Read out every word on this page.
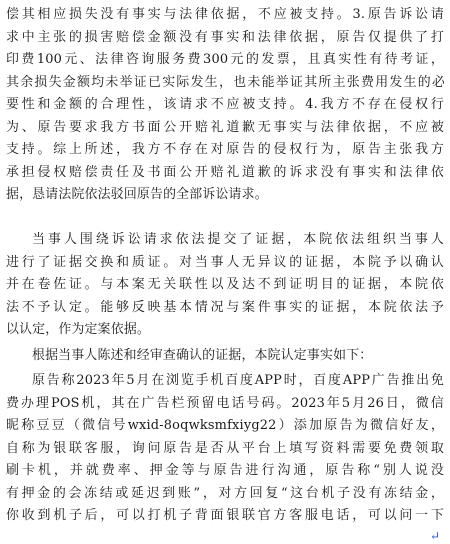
偿其相应损失没有事实与法律依据，不应被支持。3.原告诉讼请
求中主张的损害赔偿金额没有事实和法律依据，原告仅提供了打
印费100元、法律咨询服务费300元的发票，且真实性有待考证，
其余损失金额均未举证已实际发生，也未能举证其所主张费用发生的必
要性和金额的合理性，该请求不应被支持。4.我方不存在侵权行
为、原告要求我方书面公开赔礼道歉无事实与法律依据，不应被
支持。综上所述，我方不存在对原告的侵权行为，原告主张我方
承担侵权赔偿责任及书面公开赔礼道歉的诉求没有事实和法律依
据，恳请法院依法驳回原告的全部诉讼请求。
当事人围绕诉讼请求依法提交了证据，本院依法组织当事人
进行了证据交换和质证。对当事人无异议的证据，本院予以确认
并在卷佐证。与本案无关联性以及达不到证明目的证据，本院依
法不予认定。能够反映基本情况与案件事实的证据，本院依法予
以认定，作为定案依据。
根据当事人陈述和经审查确认的证据，本院认定事实如下：
原告称2023年5月在浏览手机百度APP时，百度APP广告推出免
费办理POS机，其在广告栏预留电话号码。2023年5月26日，微信
昵称豆豆（微信号wxid-8oqwksmfxiyg22）添加原告为微信好友，
自称为银联客服，询问原告是否从平台上填写资料需要免费领取
刷卡机，并就费率、押金等与原告进行沟通，原告称“别人说没
有押金的会冻结或延迟到账”，对方回复“这台机子没有冻结金，
你收到机子后，可以打机子背面银联官方客服电话，可以问一下
↵
